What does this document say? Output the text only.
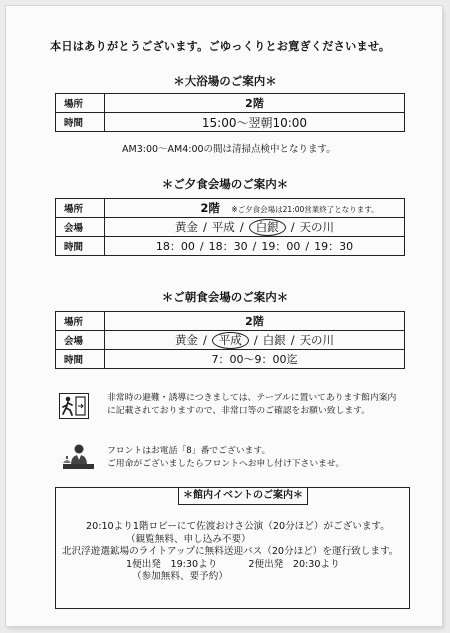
本日はありがとうございます。ごゆっくりとお寛ぎくださいませ。
＊大浴場のご案内＊
場所	2階
時間	15:00～翌朝10:00
AM3:00～AM4:00の間は清掃点検中となります。
＊ご夕食会場のご案内＊
場所	2階 ※ご夕食会場は21:00営業終了となります。
会場	黄金 / 平成 / 白銀 / 天の川
時間	18：00 / 18：30 / 19：00 / 19：30
＊ご朝食会場のご案内＊
場所	2階
会場	黄金 / 平成 / 白銀 / 天の川
時間	7：00～9：00迄
非常時の避難・誘導につきましては、テーブルに置いてあります館内案内
に記載されておりますので、非常口等のご確認をお願い致します。
フロントはお電話「8」番でございます。
ご用命がございましたらフロントへお申し付け下さいませ。
＊館内イベントのご案内＊
20:10より1階ロビーにて佐渡おけさ公演（20分ほど）がございます。
（観覧無料、申し込み不要）
北沢浮遊選鉱場のライトアップに無料送迎バス（20分ほど）を運行致します。
1便出発　19:30より	2便出発　20:30より
（参加無料、要予約）
